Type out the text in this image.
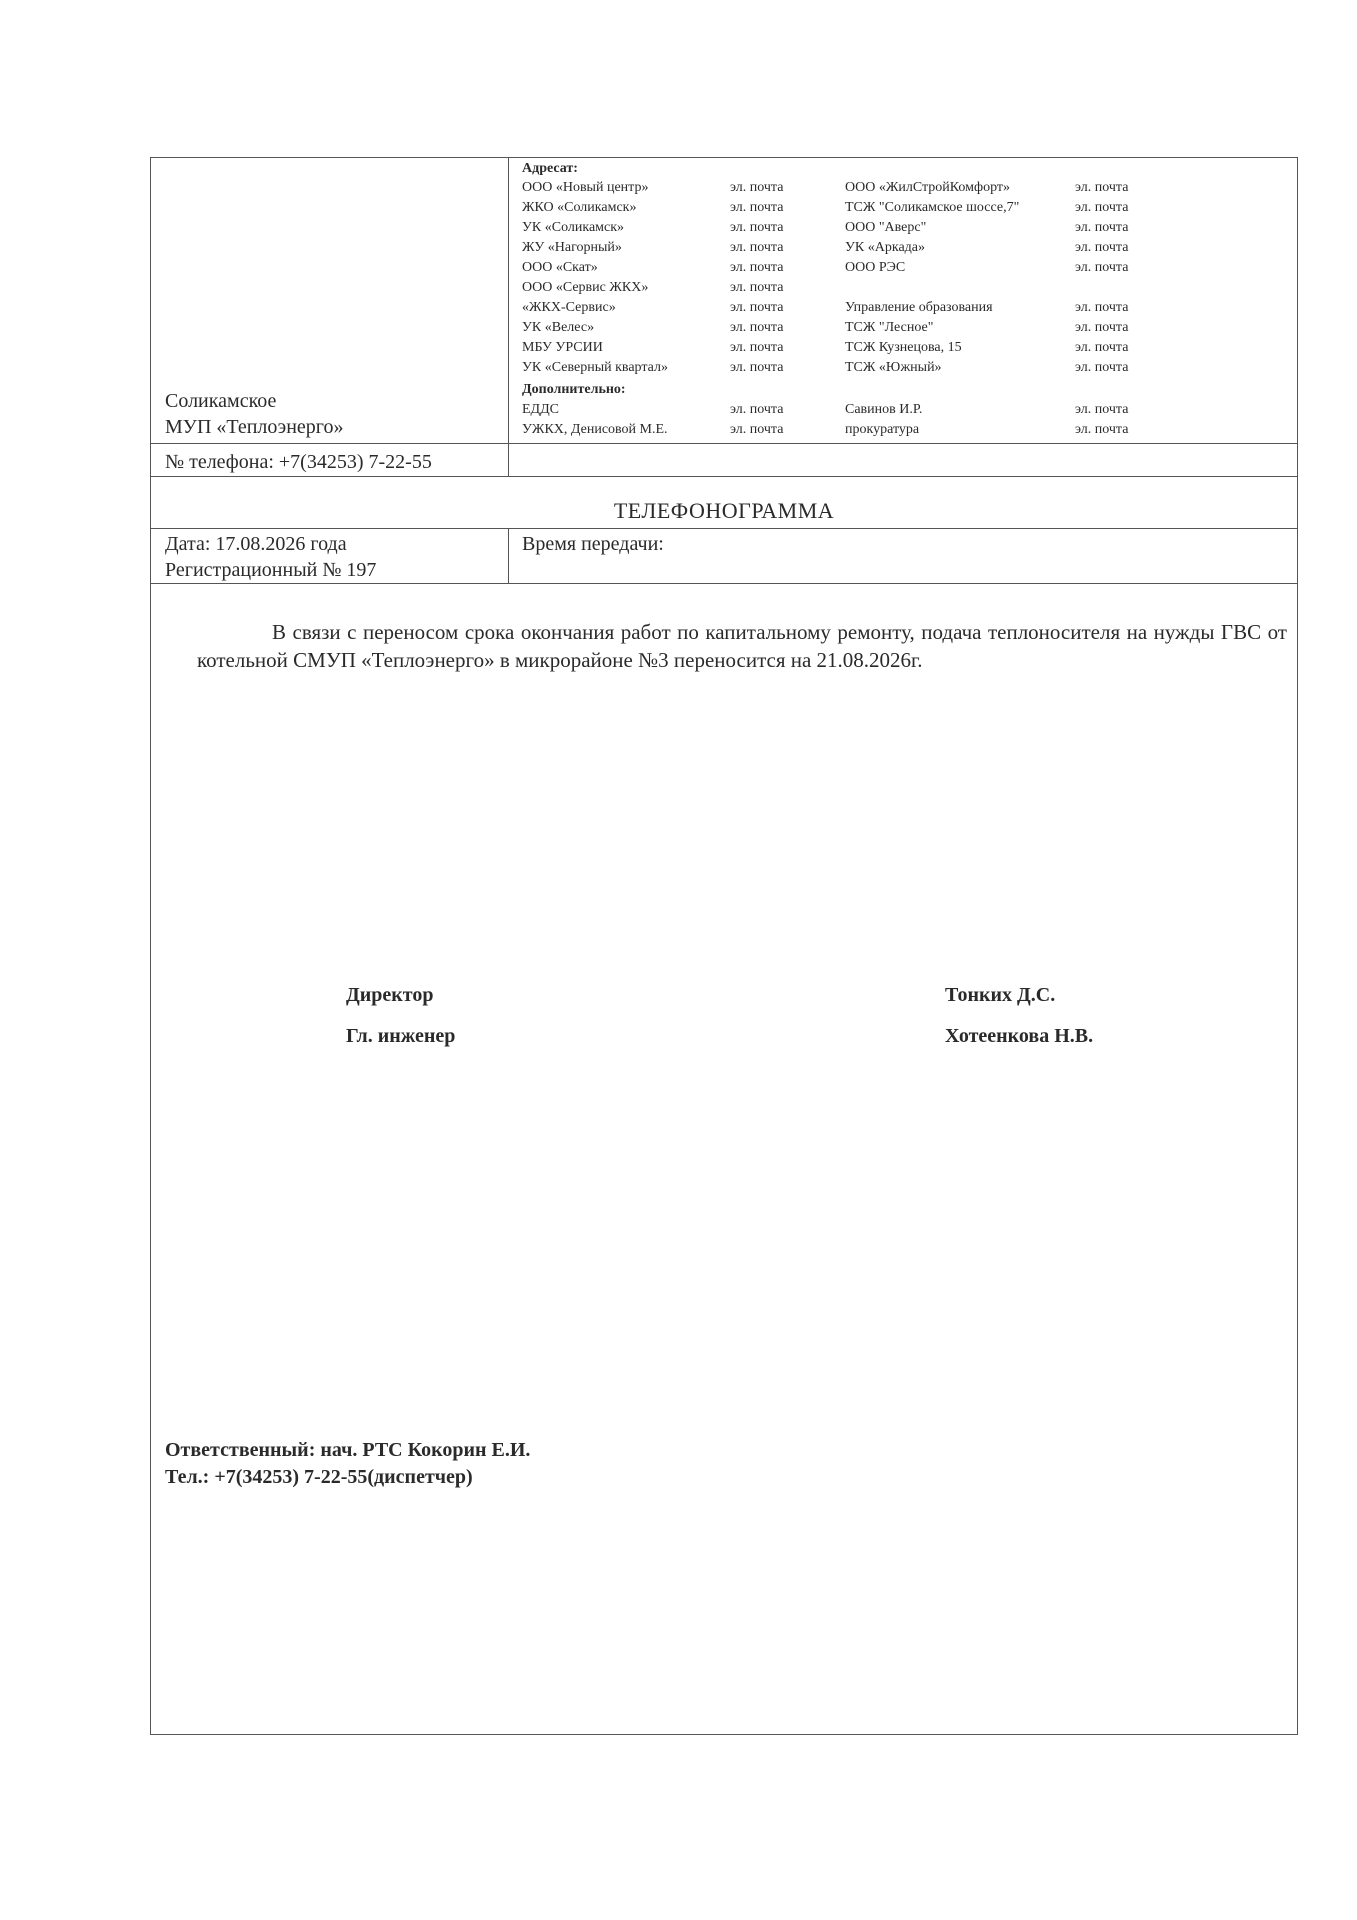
Соликамское
МУП «Теплоэнерго»
№ телефона: +7(34253) 7-22-55
Адресат:
ООО «Новый центр»	эл. почта	ООО «ЖилСтройКомфорт»	эл. почта
ЖКО «Соликамск»	эл. почта	ТСЖ "Соликамское шоссе,7"	эл. почта
УК «Соликамск»	эл. почта	ООО "Аверс"	эл. почта
ЖУ «Нагорный»	эл. почта	УК «Аркада»	эл. почта
ООО «Скат»	эл. почта	ООО РЭС	эл. почта
ООО «Сервис ЖКХ»	эл. почта
«ЖКХ-Сервис»	эл. почта	Управление образования	эл. почта
УК «Велес»	эл. почта	ТСЖ "Лесное"	эл. почта
МБУ УРСИИ	эл. почта	ТСЖ Кузнецова, 15	эл. почта
УК «Северный квартал»	эл. почта	ТСЖ «Южный»	эл. почта
Дополнительно:
ЕДДС	эл. почта	Савинов И.Р.	эл. почта
УЖКХ, Денисовой М.Е.	эл. почта	прокуратура	эл. почта
ТЕЛЕФОНОГРАММА
Дата: 17.08.2026 года
Регистрационный № 197
Время передачи:
В связи с переносом срока окончания работ по капитальному ремонту, подача теплоносителя на нужды ГВС от котельной СМУП «Теплоэнерго» в микрорайоне №3 переносится на 21.08.2026г.
Директор	Тонких Д.С.
Гл. инженер	Хотеенкова Н.В.
Ответственный: нач. РТС Кокорин Е.И.
Тел.: +7(34253) 7-22-55(диспетчер)
